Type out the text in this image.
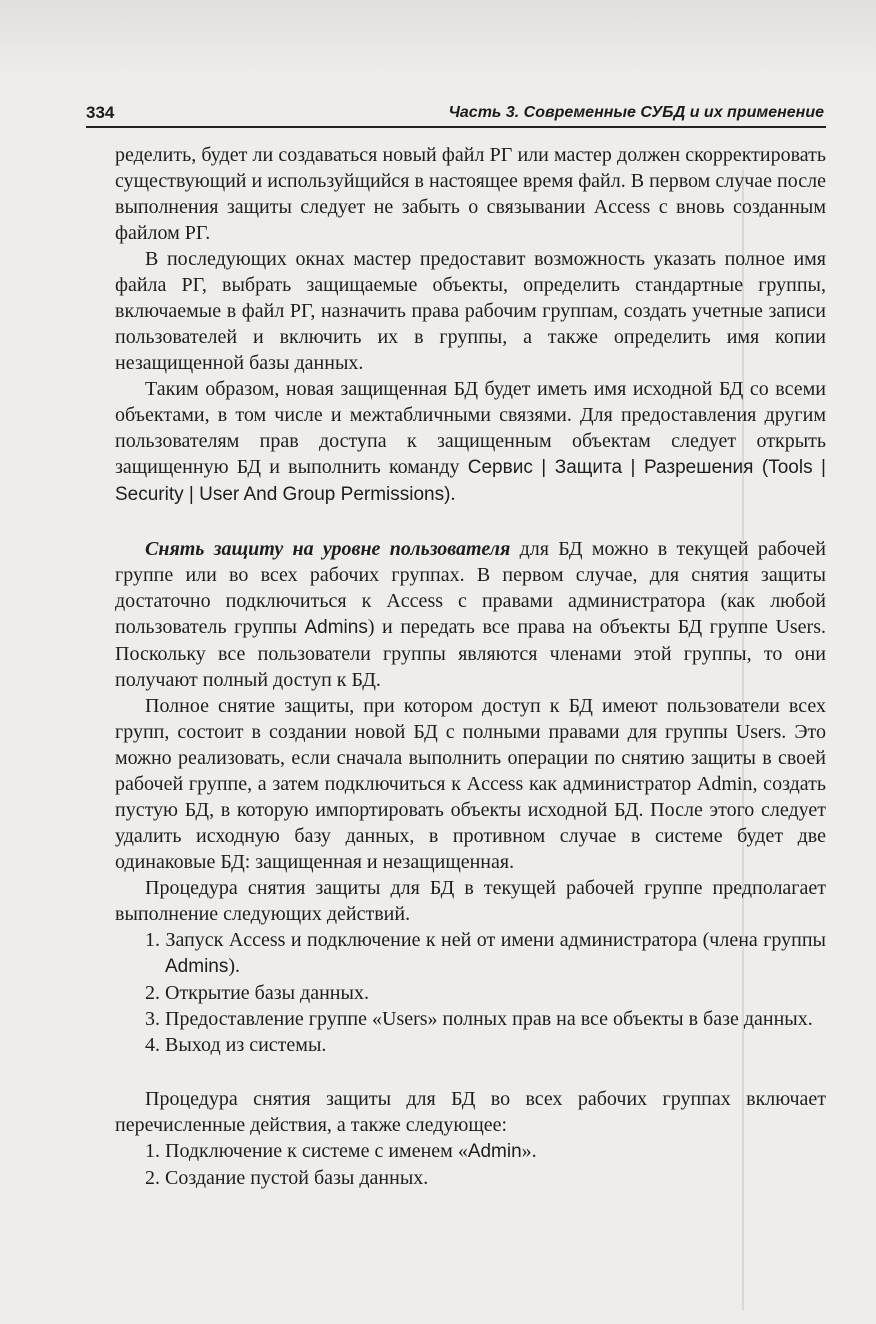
334	Часть 3. Современные СУБД и их применение

ределить, будет ли создаваться новый файл РГ или мастер должен скорректировать существующий и используйщийся в настоящее время файл. В первом случае после выполнения защиты следует не забыть о связывании Access с вновь созданным файлом РГ.

В последующих окнах мастер предоставит возможность указать полное имя файла РГ, выбрать защищаемые объекты, определить стандартные группы, включаемые в файл РГ, назначить права рабочим группам, создать учетные записи пользователей и включить их в группы, а также определить имя копии незащищенной базы данных.

Таким образом, новая защищенная БД будет иметь имя исходной БД со всеми объектами, в том числе и межтабличными связями. Для предоставления другим пользователям прав доступа к защищенным объектам следует открыть защищенную БД и выполнить команду Сервис | Защита | Разрешения (Tools | Security | User And Group Permissions).

Снять защиту на уровне пользователя для БД можно в текущей рабочей группе или во всех рабочих группах. В первом случае, для снятия защиты достаточно подключиться к Access с правами администратора (как любой пользователь группы Admins) и передать все права на объекты БД группе Users. Поскольку все пользователи группы являются членами этой группы, то они получают полный доступ к БД.

Полное снятие защиты, при котором доступ к БД имеют пользователи всех групп, состоит в создании новой БД с полными правами для группы Users. Это можно реализовать, если сначала выполнить операции по снятию защиты в своей рабочей группе, а затем подключиться к Access как администратор Admin, создать пустую БД, в которую импортировать объекты исходной БД. После этого следует удалить исходную базу данных, в противном случае в системе будет две одинаковые БД: защищенная и незащищенная.

Процедура снятия защиты для БД в текущей рабочей группе предполагает выполнение следующих действий.

1. Запуск Access и подключение к ней от имени администратора (члена группы Admins).
2. Открытие базы данных.
3. Предоставление группе «Users» полных прав на все объекты в базе данных.
4. Выход из системы.

Процедура снятия защиты для БД во всех рабочих группах включает перечисленные действия, а также следующее:

1. Подключение к системе с именем «Admin».
2. Создание пустой базы данных.
